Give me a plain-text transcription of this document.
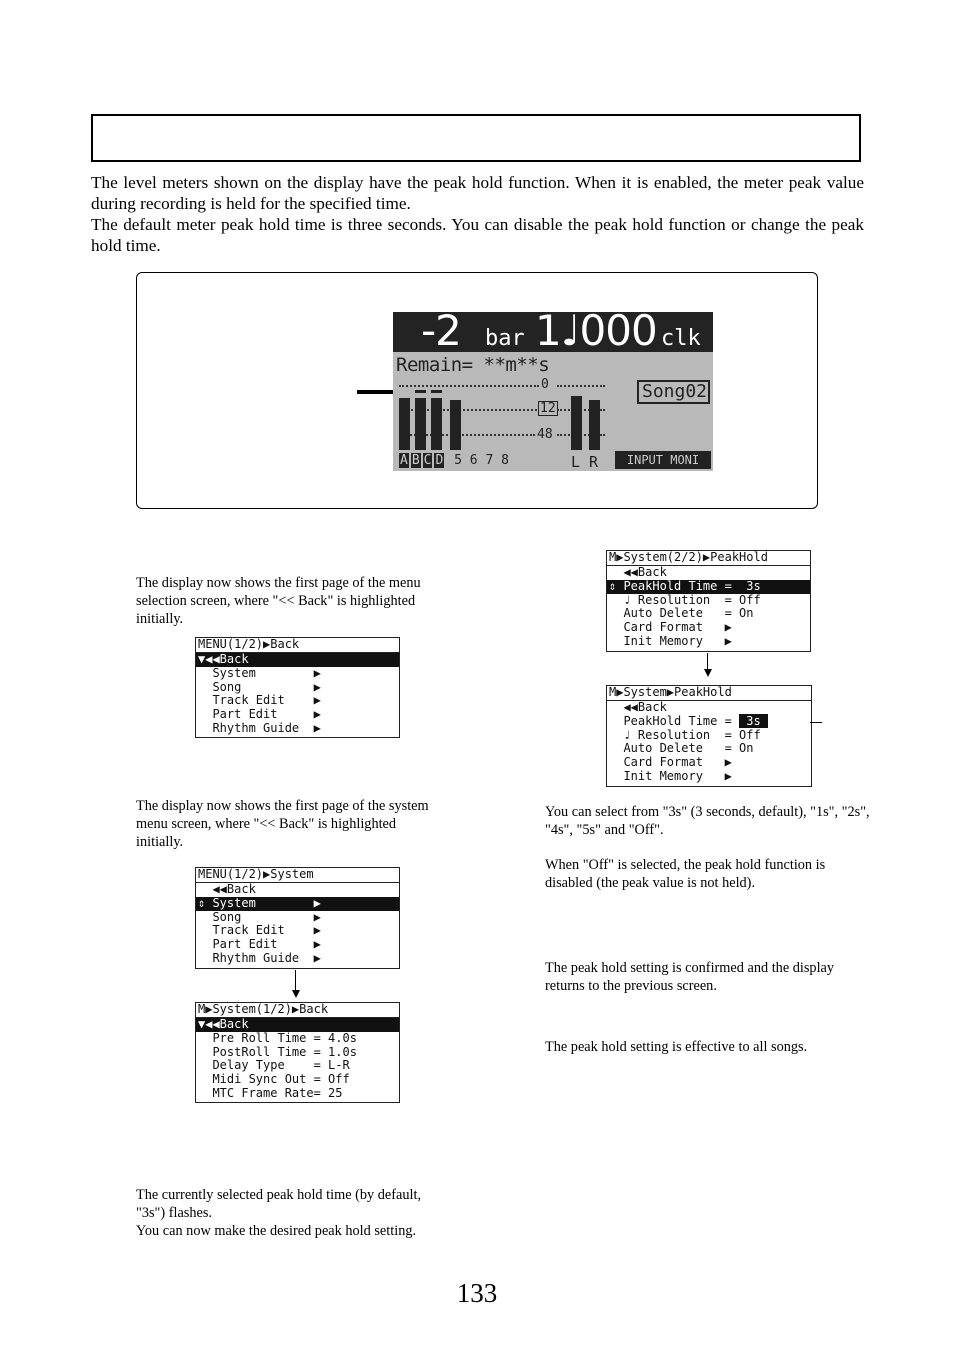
The level meters shown on the display have the peak hold function. When it is enabled, the meter peak value during recording is held for the specified time.

The default meter peak hold time is three seconds. You can disable the peak hold function or change the peak hold time.

-2 bar 1♩000 clk
Remain= **m**s
0
12
48
Song02
A B C D 5 6 7 8	L R	INPUT MONI

The display now shows the first page of the menu selection screen, where "<< Back" is highlighted initially.

MENU(1/2)▶Back
▼◀◀Back
System        ▶
Song          ▶
Track Edit    ▶
Part Edit     ▶
Rhythm Guide  ▶

The display now shows the first page of the system menu screen, where "<< Back" is highlighted initially.

MENU(1/2)▶System
◀◀Back
⇕ System        ▶
Song          ▶
Track Edit    ▶
Part Edit     ▶
Rhythm Guide  ▶
M▶System(1/2)▶Back
▼◀◀Back
Pre Roll Time = 4.0s
PostRoll Time = 1.0s
Delay Type    = L-R
Midi Sync Out = Off
MTC Frame Rate= 25

The currently selected peak hold time (by default, "3s") flashes.

You can now make the desired peak hold setting.

M▶System(2/2)▶PeakHold
◀◀Back
⇕ PeakHold Time =  3s
♩ Resolution  = Off
Auto Delete   = On
Card Format   ▶
Init Memory   ▶
M▶System▶PeakHold
◀◀Back
PeakHold Time =  3s
♩ Resolution  = Off
Auto Delete   = On
Card Format   ▶
Init Memory   ▶

You can select from "3s" (3 seconds, default), "1s", "2s", "4s", "5s" and "Off".

When "Off" is selected, the peak hold function is disabled (the peak value is not held).

The peak hold setting is confirmed and the display returns to the previous screen.

The peak hold setting is effective to all songs.

133
